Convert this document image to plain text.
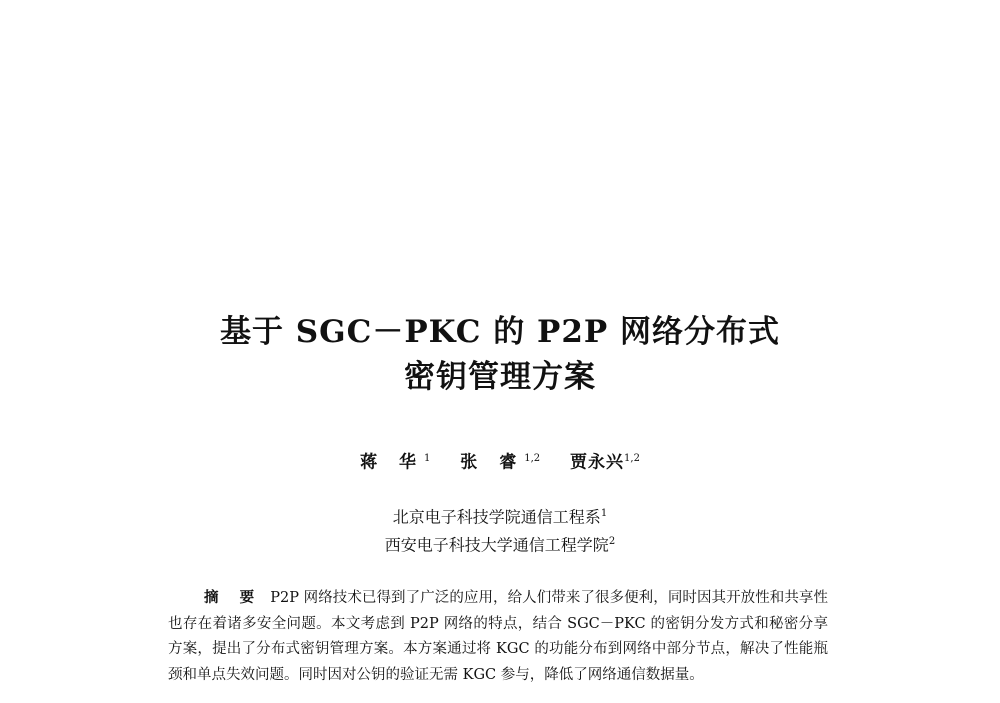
基于 SGC－PKC 的 P2P 网络分布式
密钥管理方案
蒋 华$^1$ 张 睿$^{1,2}$ 贾永兴$^{1,2}$
北京电子科技学院通信工程系$^1$
西安电子科技大学通信工程学院$^2$
摘 要 P2P 网络技术已得到了广泛的应用，给人们带来了很多便利，同时因其开放性和共享性也存在着诸多安全问题。本文考虑到 P2P 网络的特点，结合 SGC－PKC 的密钥分发方式和秘密分享方案，提出了分布式密钥管理方案。本方案通过将 KGC 的功能分布到网络中部分节点，解决了性能瓶颈和单点失效问题。同时因对公钥的验证无需 KGC 参与，降低了网络通信数据量。
